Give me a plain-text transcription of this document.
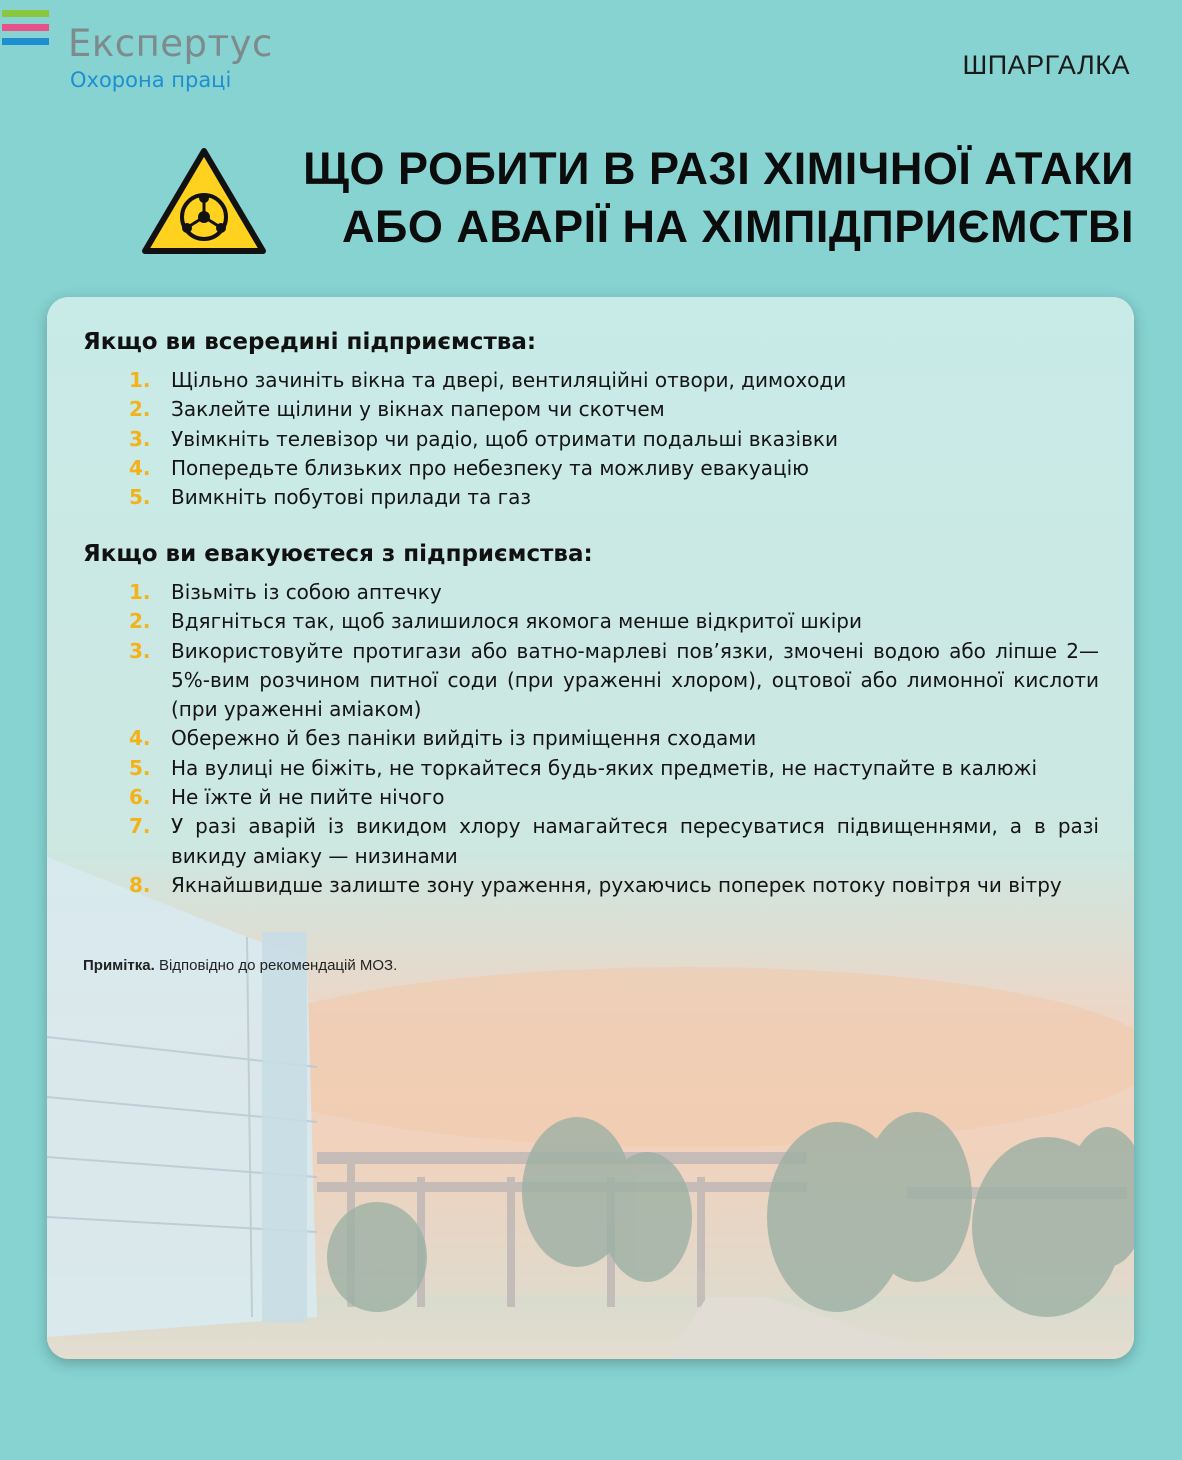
Експертус
Охорона праці	ШПАРГАЛКА
ЩО РОБИТИ В РАЗІ ХІМІЧНОЇ АТАКИ
АБО АВАРІЇ НА ХІМПІДПРИЄМСТВІ
Якщо ви всередині підприємства:
1. Щільно зачиніть вікна та двері, вентиляційні отвори, димоходи
2. Заклейте щілини у вікнах папером чи скотчем
3. Увімкніть телевізор чи радіо, щоб отримати подальші вказівки
4. Попередьте близьких про небезпеку та можливу евакуацію
5. Вимкніть побутові прилади та газ
Якщо ви евакуюєтеся з підприємства:
1. Візьміть із собою аптечку
2. Вдягніться так, щоб залишилося якомога менше відкритої шкіри
3. Використовуйте протигази або ватно-марлеві пов’язки, змочені водою або ліпше 2—5%-вим розчином питної соди (при ураженні хлором), оцтової або лимонної кислоти (при ураженні аміаком)
4. Обережно й без паніки вийдіть із приміщення сходами
5. На вулиці не біжіть, не торкайтеся будь-яких предметів, не наступайте в калюжі
6. Не їжте й не пийте нічого
7. У разі аварій із викидом хлору намагайтеся пересуватися підвищеннями, а в разі викиду аміаку — низинами
8. Якнайшвидше залиште зону ураження, рухаючись поперек потоку повітря чи вітру
Примітка. Відповідно до рекомендацій МОЗ.
